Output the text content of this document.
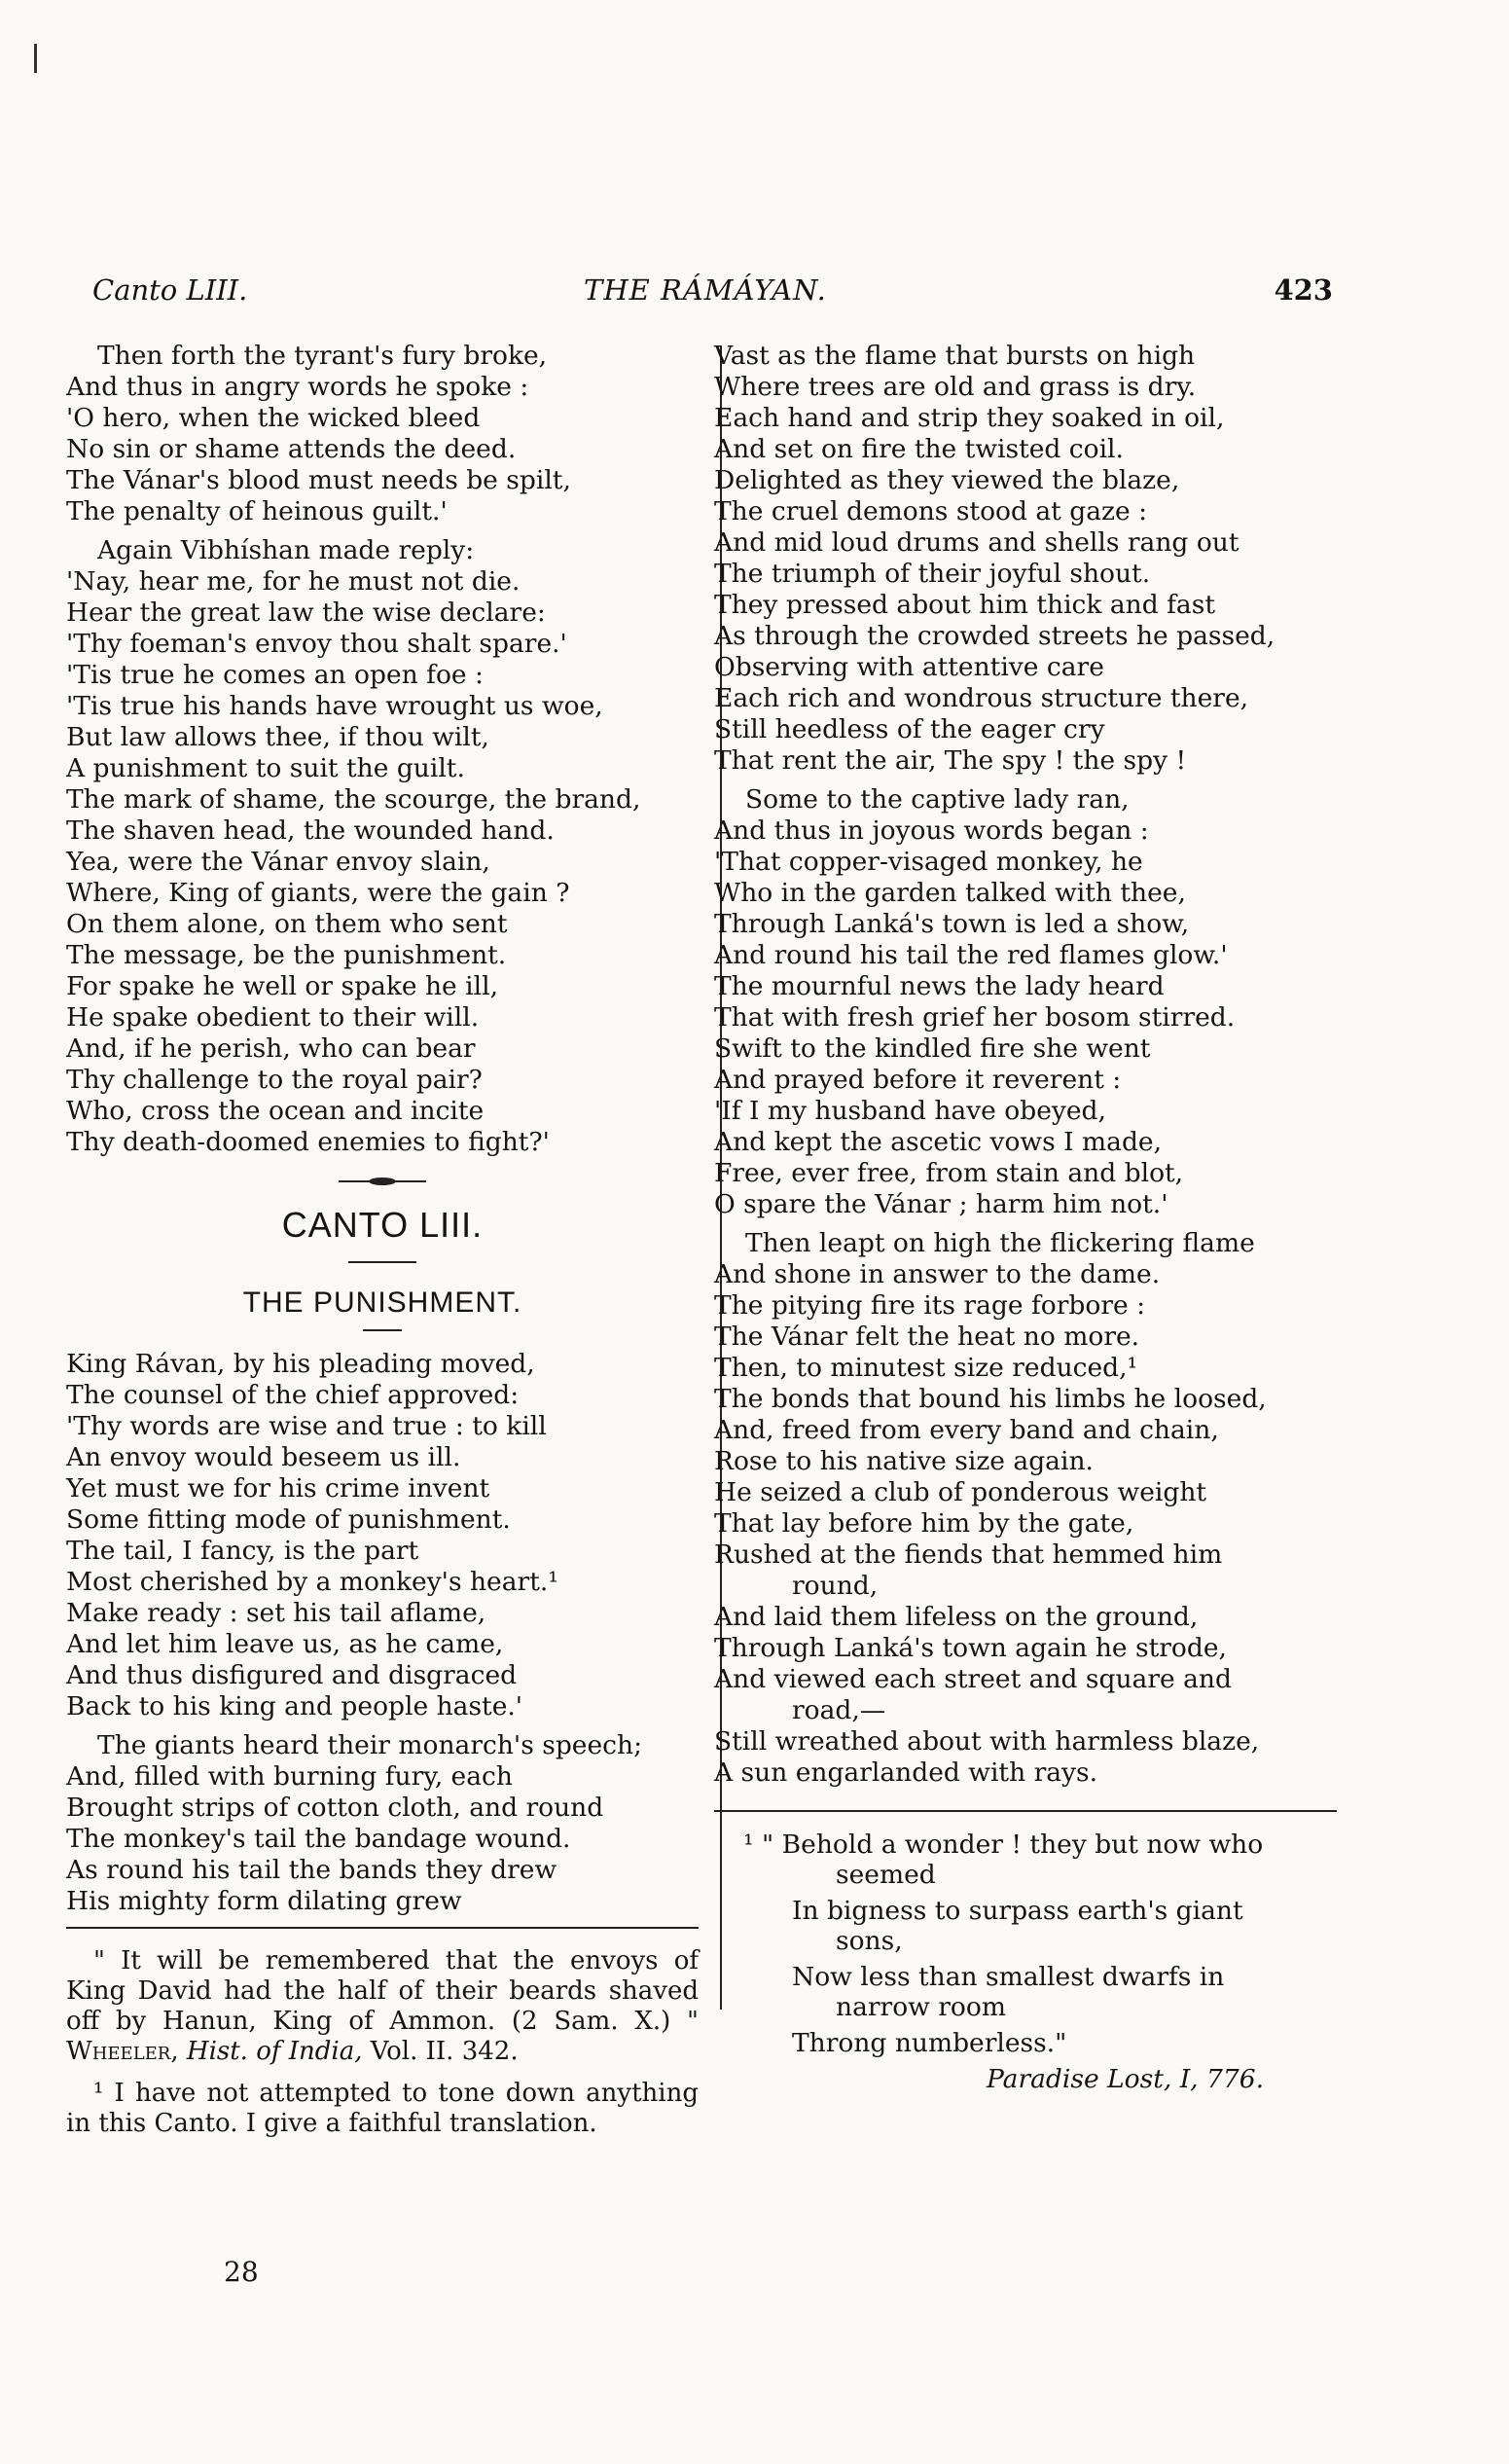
Canto LIII.	THE RÁMÁYAN.	423
Then forth the tyrant's fury broke,
And thus in angry words he spoke :
'O hero, when the wicked bleed
No sin or shame attends the deed.
The Vánar's blood must needs be spilt,
The penalty of heinous guilt.'
Again Vibhíshan made reply:
'Nay, hear me, for he must not die.
Hear the great law the wise declare:
'Thy foeman's envoy thou shalt spare.'
'Tis true he comes an open foe :
'Tis true his hands have wrought us woe,
But law allows thee, if thou wilt,
A punishment to suit the guilt.
The mark of shame, the scourge, the brand,
The shaven head, the wounded hand.
Yea, were the Vánar envoy slain,
Where, King of giants, were the gain ?
On them alone, on them who sent
The message, be the punishment.
For spake he well or spake he ill,
He spake obedient to their will.
And, if he perish, who can bear
Thy challenge to the royal pair?
Who, cross the ocean and incite
Thy death-doomed enemies to fight?'
CANTO LIII.
THE PUNISHMENT.
King Rávan, by his pleading moved,
The counsel of the chief approved:
'Thy words are wise and true : to kill
An envoy would beseem us ill.
Yet must we for his crime invent
Some fitting mode of punishment.
The tail, I fancy, is the part
Most cherished by a monkey's heart.¹
Make ready : set his tail aflame,
And let him leave us, as he came,
And thus disfigured and disgraced
Back to his king and people haste.'
The giants heard their monarch's speech;
And, filled with burning fury, each
Brought strips of cotton cloth, and round
The monkey's tail the bandage wound.
As round his tail the bands they drew
His mighty form dilating grew
" It will be remembered that the envoys of King David had the half of their beards shaved off by Hanun, King of Ammon. (2 Sam. X.) " Wheeler, Hist. of India, Vol. II. 342.
¹ I have not attempted to tone down anything in this Canto. I give a faithful translation.
Vast as the flame that bursts on high
Where trees are old and grass is dry.
Each hand and strip they soaked in oil,
And set on fire the twisted coil.
Delighted as they viewed the blaze,
The cruel demons stood at gaze :
And mid loud drums and shells rang out
The triumph of their joyful shout.
They pressed about him thick and fast
As through the crowded streets he passed,
Observing with attentive care
Each rich and wondrous structure there,
Still heedless of the eager cry
That rent the air, The spy ! the spy !
Some to the captive lady ran,
And thus in joyous words began :
'That copper-visaged monkey, he
Who in the garden talked with thee,
Through Lanká's town is led a show,
And round his tail the red flames glow.'
The mournful news the lady heard
That with fresh grief her bosom stirred.
Swift to the kindled fire she went
And prayed before it reverent :
'If I my husband have obeyed,
And kept the ascetic vows I made,
Free, ever free, from stain and blot,
O spare the Vánar ; harm him not.'
Then leapt on high the flickering flame
And shone in answer to the dame.
The pitying fire its rage forbore :
The Vánar felt the heat no more.
Then, to minutest size reduced,¹
The bonds that bound his limbs he loosed,
And, freed from every band and chain,
Rose to his native size again.
He seized a club of ponderous weight
That lay before him by the gate,
Rushed at the fiends that hemmed him
round,
And laid them lifeless on the ground,
Through Lanká's town again he strode,
And viewed each street and square and
road,—
Still wreathed about with harmless blaze,
A sun engarlanded with rays.
¹ " Behold a wonder ! they but now who
seemed
In bigness to surpass earth's giant
sons,
Now less than smallest dwarfs in
narrow room
Throng numberless."
Paradise Lost, I, 776.
28
